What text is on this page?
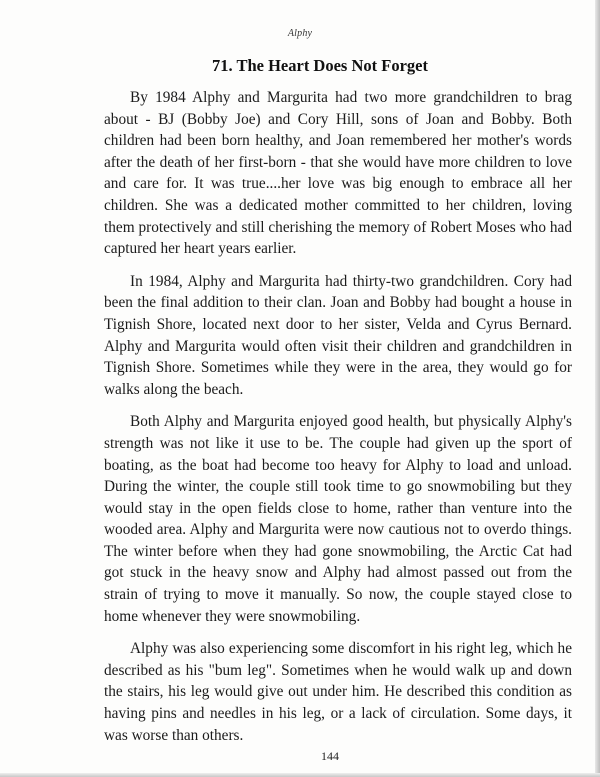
Alphy
71. The Heart Does Not Forget

By 1984 Alphy and Margurita had two more grandchildren to brag about - BJ (Bobby Joe) and Cory Hill, sons of Joan and Bobby. Both children had been born healthy, and Joan remembered her mother's words after the death of her first-born - that she would have more children to love and care for. It was true....her love was big enough to embrace all her children. She was a dedicated mother committed to her children, loving them protectively and still cherishing the memory of Robert Moses who had captured her heart years earlier.

In 1984, Alphy and Margurita had thirty-two grandchildren. Cory had been the final addition to their clan. Joan and Bobby had bought a house in Tignish Shore, located next door to her sister, Velda and Cyrus Bernard. Alphy and Margurita would often visit their children and grandchildren in Tignish Shore. Sometimes while they were in the area, they would go for walks along the beach.

Both Alphy and Margurita enjoyed good health, but physically Alphy's strength was not like it use to be. The couple had given up the sport of boating, as the boat had become too heavy for Alphy to load and unload. During the winter, the couple still took time to go snowmobiling but they would stay in the open fields close to home, rather than venture into the wooded area. Alphy and Margurita were now cautious not to overdo things. The winter before when they had gone snowmobiling, the Arctic Cat had got stuck in the heavy snow and Alphy had almost passed out from the strain of trying to move it manually. So now, the couple stayed close to home whenever they were snowmobiling.

Alphy was also experiencing some discomfort in his right leg, which he described as his "bum leg". Sometimes when he would walk up and down the stairs, his leg would give out under him. He described this condition as having pins and needles in his leg, or a lack of circulation. Some days, it was worse than others.

144
